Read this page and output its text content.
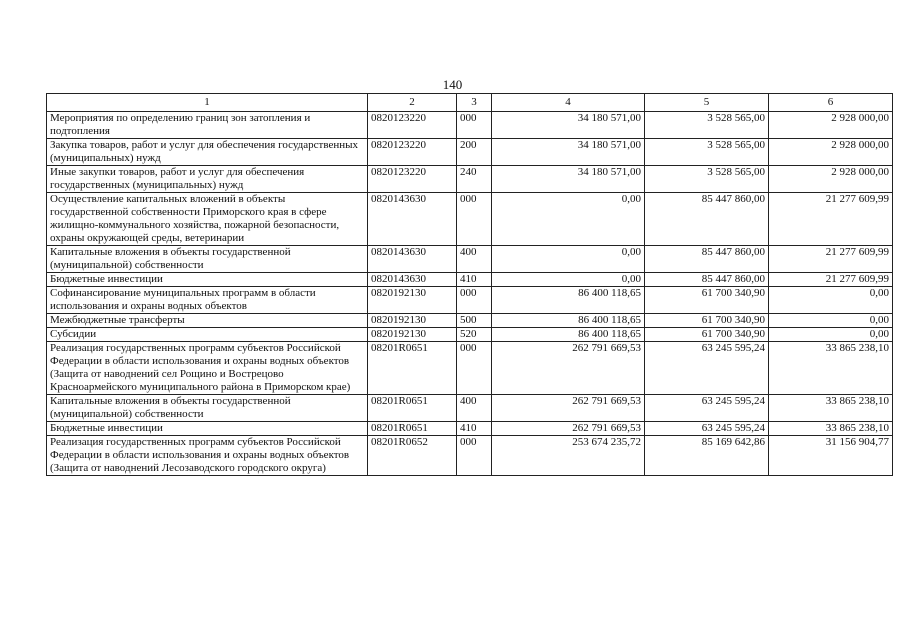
140
1	2	3	4	5	6
Мероприятия по определению границ зон затопления и подтопления	0820123220	000	34 180 571,00	3 528 565,00	2 928 000,00
Закупка товаров, работ и услуг для обеспечения государственных (муниципальных) нужд	0820123220	200	34 180 571,00	3 528 565,00	2 928 000,00
Иные закупки товаров, работ и услуг для обеспечения государственных (муниципальных) нужд	0820123220	240	34 180 571,00	3 528 565,00	2 928 000,00
Осуществление капитальных вложений в объекты государственной собственности Приморского края в сфере жилищно-коммунального хозяйства, пожарной безопасности, охраны окружающей среды, ветеринарии	0820143630	000	0,00	85 447 860,00	21 277 609,99
Капитальные вложения в объекты государственной (муниципальной) собственности	0820143630	400	0,00	85 447 860,00	21 277 609,99
Бюджетные инвестиции	0820143630	410	0,00	85 447 860,00	21 277 609,99
Софинансирование муниципальных программ в области использования и охраны водных объектов	0820192130	000	86 400 118,65	61 700 340,90	0,00
Межбюджетные трансферты	0820192130	500	86 400 118,65	61 700 340,90	0,00
Субсидии	0820192130	520	86 400 118,65	61 700 340,90	0,00
Реализация государственных программ субъектов Российской Федерации в области использования и охраны водных объектов (Защита от наводнений сел Рощино и Вострецово Красноармейского муниципального района в Приморском крае)	08201R0651	000	262 791 669,53	63 245 595,24	33 865 238,10
Капитальные вложения в объекты государственной (муниципальной) собственности	08201R0651	400	262 791 669,53	63 245 595,24	33 865 238,10
Бюджетные инвестиции	08201R0651	410	262 791 669,53	63 245 595,24	33 865 238,10
Реализация государственных программ субъектов Российской Федерации в области использования и охраны водных объектов (Защита от наводнений Лесозаводского городского округа)	08201R0652	000	253 674 235,72	85 169 642,86	31 156 904,77
